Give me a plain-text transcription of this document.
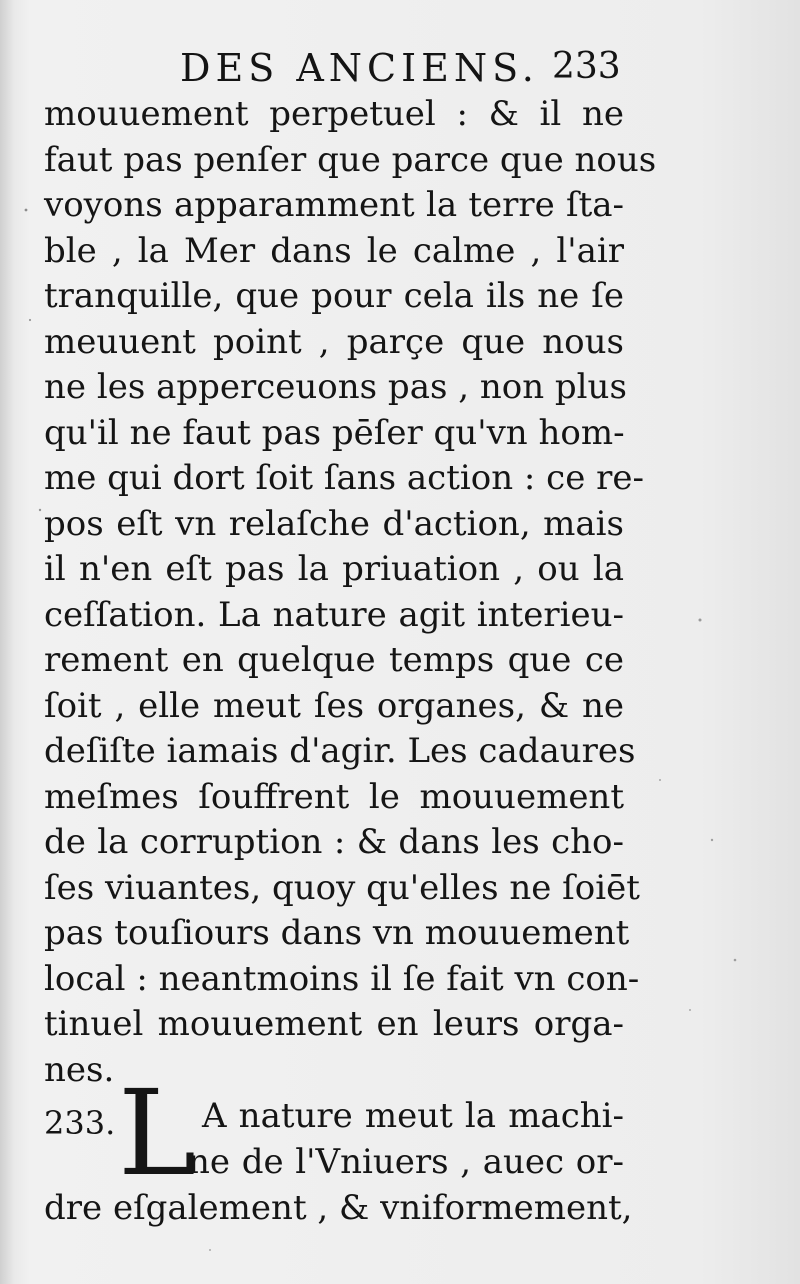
DES ANCIENS. 233
mouuement perpetuel : & il ne
faut pas penſer que parce que nous
voyons apparamment la terre ſta-
ble , la Mer dans le calme , l'air
tranquille, que pour cela ils ne ſe
meuuent point , parçe que nous
ne les apperceuons pas , non plus
qu'il ne faut pas pēſer qu'vn hom-
me qui dort ſoit ſans action : ce re-
pos eſt vn relaſche d'action, mais
il n'en eſt pas la priuation , ou la
ceſſation. La nature agit interieu-
rement en quelque temps que ce
ſoit , elle meut ſes organes, & ne
deſiſte iamais d'agir. Les cadaures
meſmes ſouffrent le mouuement
de la corruption : & dans les cho-
ſes viuantes, quoy qu'elles ne ſoiēt
pas touſiours dans vn mouuement
local : neantmoins il ſe fait vn con-
tinuel mouuement en leurs orga-
nes.
233. L A nature meut la machi-
ne de l'Vniuers , auec or-
dre eſgalement , & vniformement,
